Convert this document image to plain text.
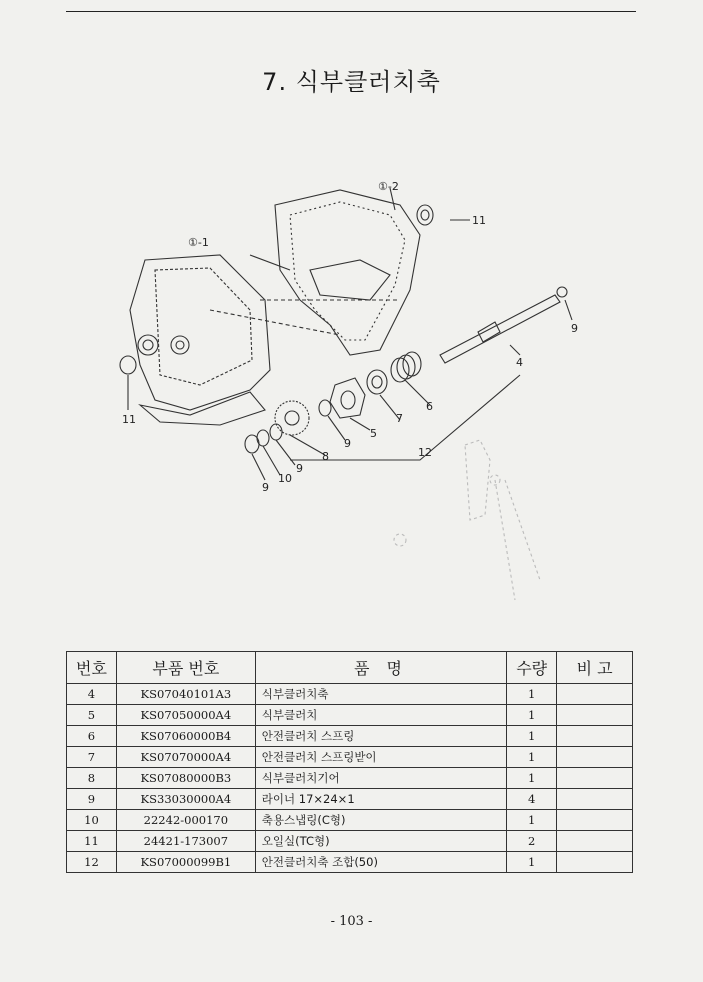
7. 식부클러치축
①-1
①-2
11
11
9
4
6
7
5
9
8	12
9
10
9
번호	부품 번호	품 명	수량	비 고
4	KS07040101A3	식부클러치축	1	
5	KS07050000A4	식부클러치	1	
6	KS07060000B4	안전클러치 스프링	1	
7	KS07070000A4	안전클러치 스프링받이	1	
8	KS07080000B3	식부클러치기어	1	
9	KS33030000A4	라이너 17×24×1	4	
10	22242-000170	축용스냅링(C형)	1	
11	24421-173007	오일실(TC형)	2	
12	KS07000099B1	안전클러치축 조합(50)	1	
- 103 -
